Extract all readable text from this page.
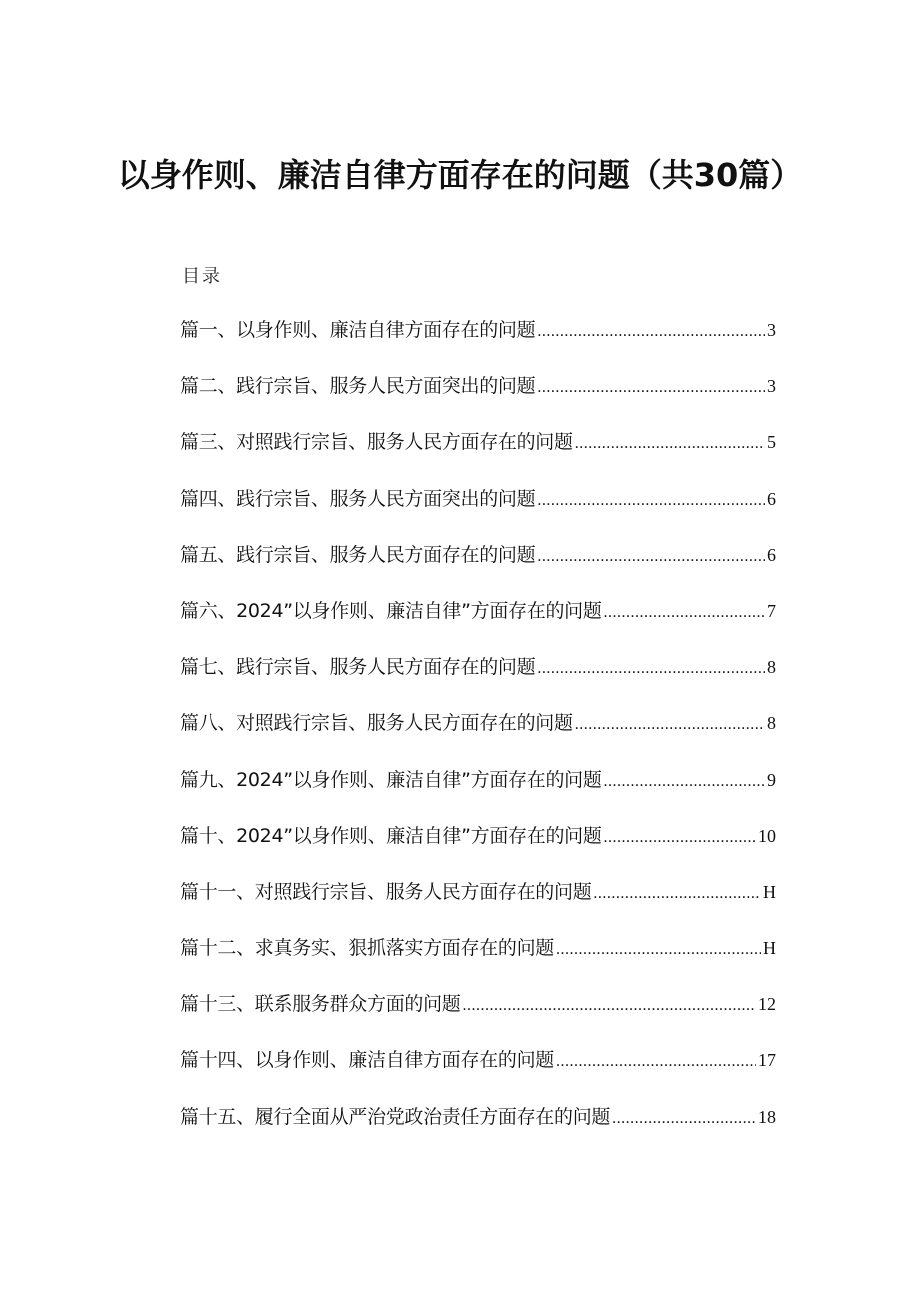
以身作则、廉洁自律方面存在的问题（共30篇）
目录
篇一、以身作则、廉洁自律方面存在的问题 .....	3
篇二、践行宗旨、服务人民方面突出的问题 .....	3
篇三、对照践行宗旨、服务人民方面存在的问题 .....	5
篇四、践行宗旨、服务人民方面突出的问题 .....	6
篇五、践行宗旨、服务人民方面存在的问题 .....	6
篇六、2024”以身作则、廉洁自律”方面存在的问题 .....	7
篇七、践行宗旨、服务人民方面存在的问题 .....	8
篇八、对照践行宗旨、服务人民方面存在的问题 .....	8
篇九、2024”以身作则、廉洁自律”方面存在的问题 .....	9
篇十、2024”以身作则、廉洁自律”方面存在的问题 .....	10
篇十一、对照践行宗旨、服务人民方面存在的问题 .....	H
篇十二、求真务实、狠抓落实方面存在的问题 .....	H
篇十三、联系服务群众方面的问题 .....	12
篇十四、以身作则、廉洁自律方面存在的问题 .....	17
篇十五、履行全面从严治党政治责任方面存在的问题 .....	18
